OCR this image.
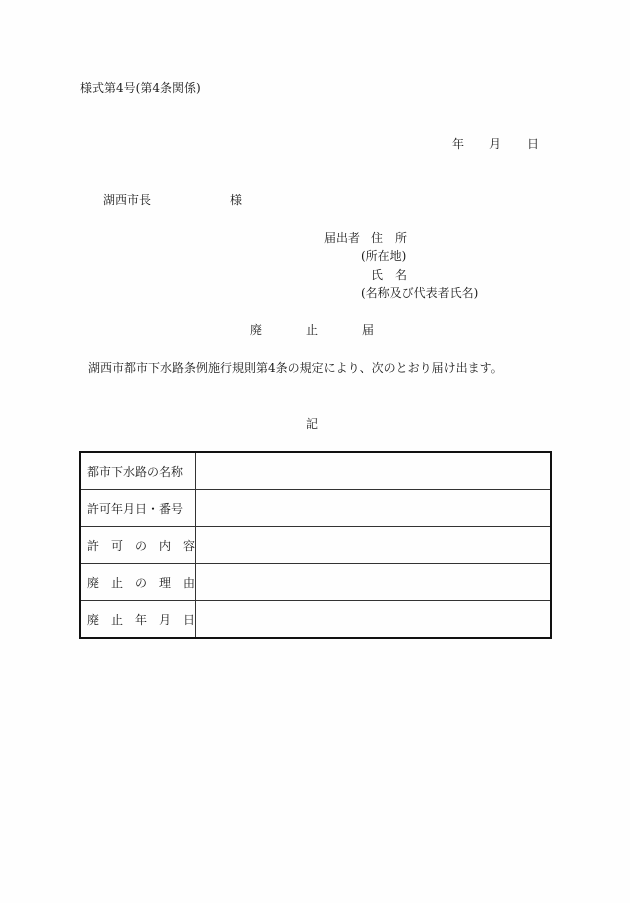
様式第4号(第4条関係)
年 月 日
湖西市長	様
届出者 住　所
(所在地)
氏　名
(名称及び代表者氏名)
廃	止	届
湖西市都市下水路条例施行規則第4条の規定により、次のとおり届け出ます。
記
都市下水路の名称	
許可年月日・番号	
許　可　の　内　容	
廃　止　の　理　由	
廃　止　年　月　日	
